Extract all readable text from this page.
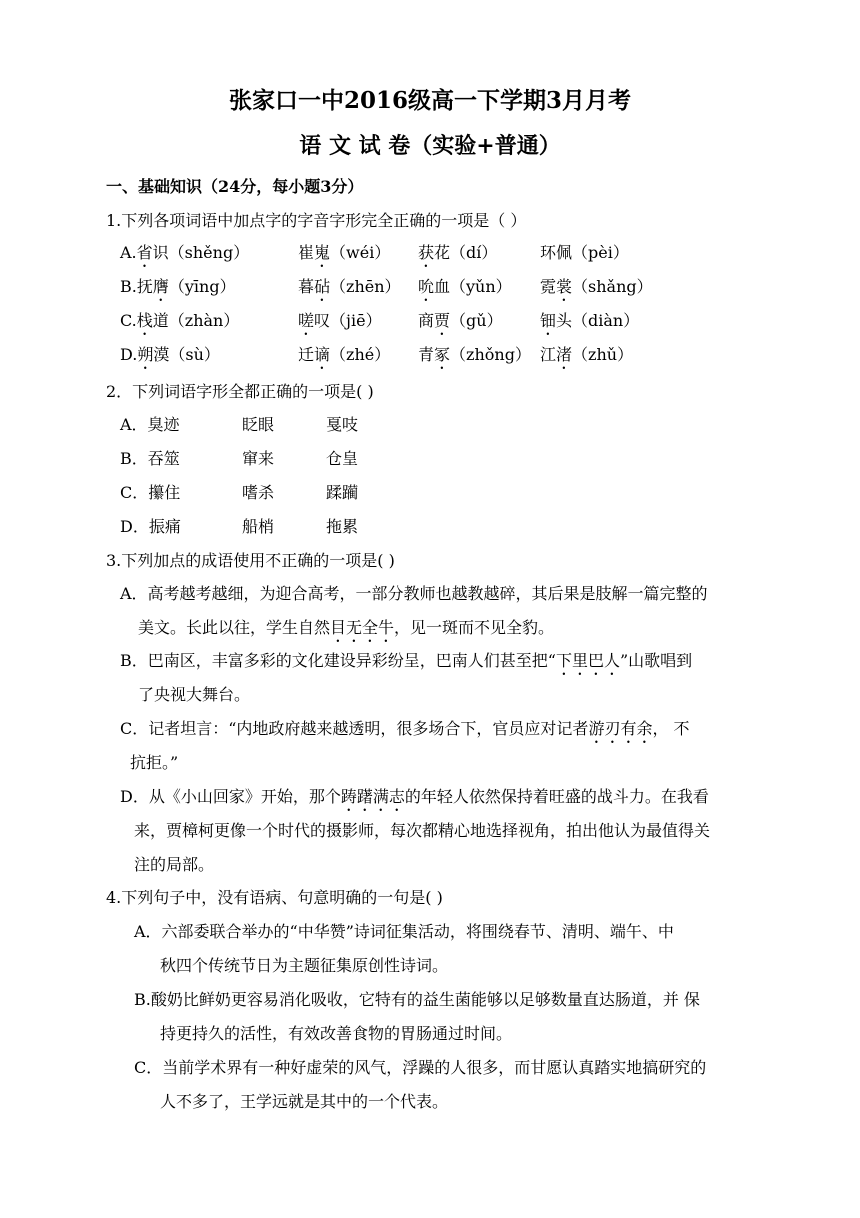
张家口一中2016级高一下学期3月月考
语 文 试 卷（实验+普通）
一、基础知识（24分，每小题3分）
1.下列各项词语中加点字的字音字形完全正确的一项是（ ）
A.省识（shěng）	崔嵬（wéi） 获花（dí）	环佩（pèi）
B.抚膺（yīng）	暮砧（zhēn） 吮血（yǔn） 霓裳（shǎng）
C.栈道（zhàn）	嗟叹（jiē） 商贾（gǔ） 钿头（diàn）
D.朔漠（sù）	迁谪（zhé） 青冢（zhǒng） 江渚（zhǔ）
2．下列词语字形全都正确的一项是( )
A．臭迹	眨眼	戛吱
B．吞筮	窜来	仓皇
C．攥住	嗜杀	蹂躏
D．振痛	船梢	拖累
3.下列加点的成语使用不正确的一项是( )
A．高考越考越细，为迎合高考，一部分教师也越教越碎，其后果是肢解一篇完整的
美文。长此以往，学生自然目无全牛，见一斑而不见全豹。
B．巴南区，丰富多彩的文化建设异彩纷呈，巴南人们甚至把“下里巴人”山歌唱到
了央视大舞台。
C．记者坦言：“内地政府越来越透明，很多场合下，官员应对记者游刃有余， 不
抗拒。”
D．从《小山回家》开始，那个踌躇满志的年轻人依然保持着旺盛的战斗力。在我看
来，贾樟柯更像一个时代的摄影师，每次都精心地选择视角，拍出他认为最值得关
注的局部。
4.下列句子中，没有语病、句意明确的一句是( )
A．六部委联合举办的“中华赞”诗词征集活动，将围绕春节、清明、端午、中
秋四个传统节日为主题征集原创性诗词。
B.酸奶比鲜奶更容易消化吸收，它特有的益生菌能够以足够数量直达肠道，并 保
持更持久的活性，有效改善食物的胃肠通过时间。
C．当前学术界有一种好虚荣的风气，浮躁的人很多，而甘愿认真踏实地搞研究的
人不多了，王学远就是其中的一个代表。
